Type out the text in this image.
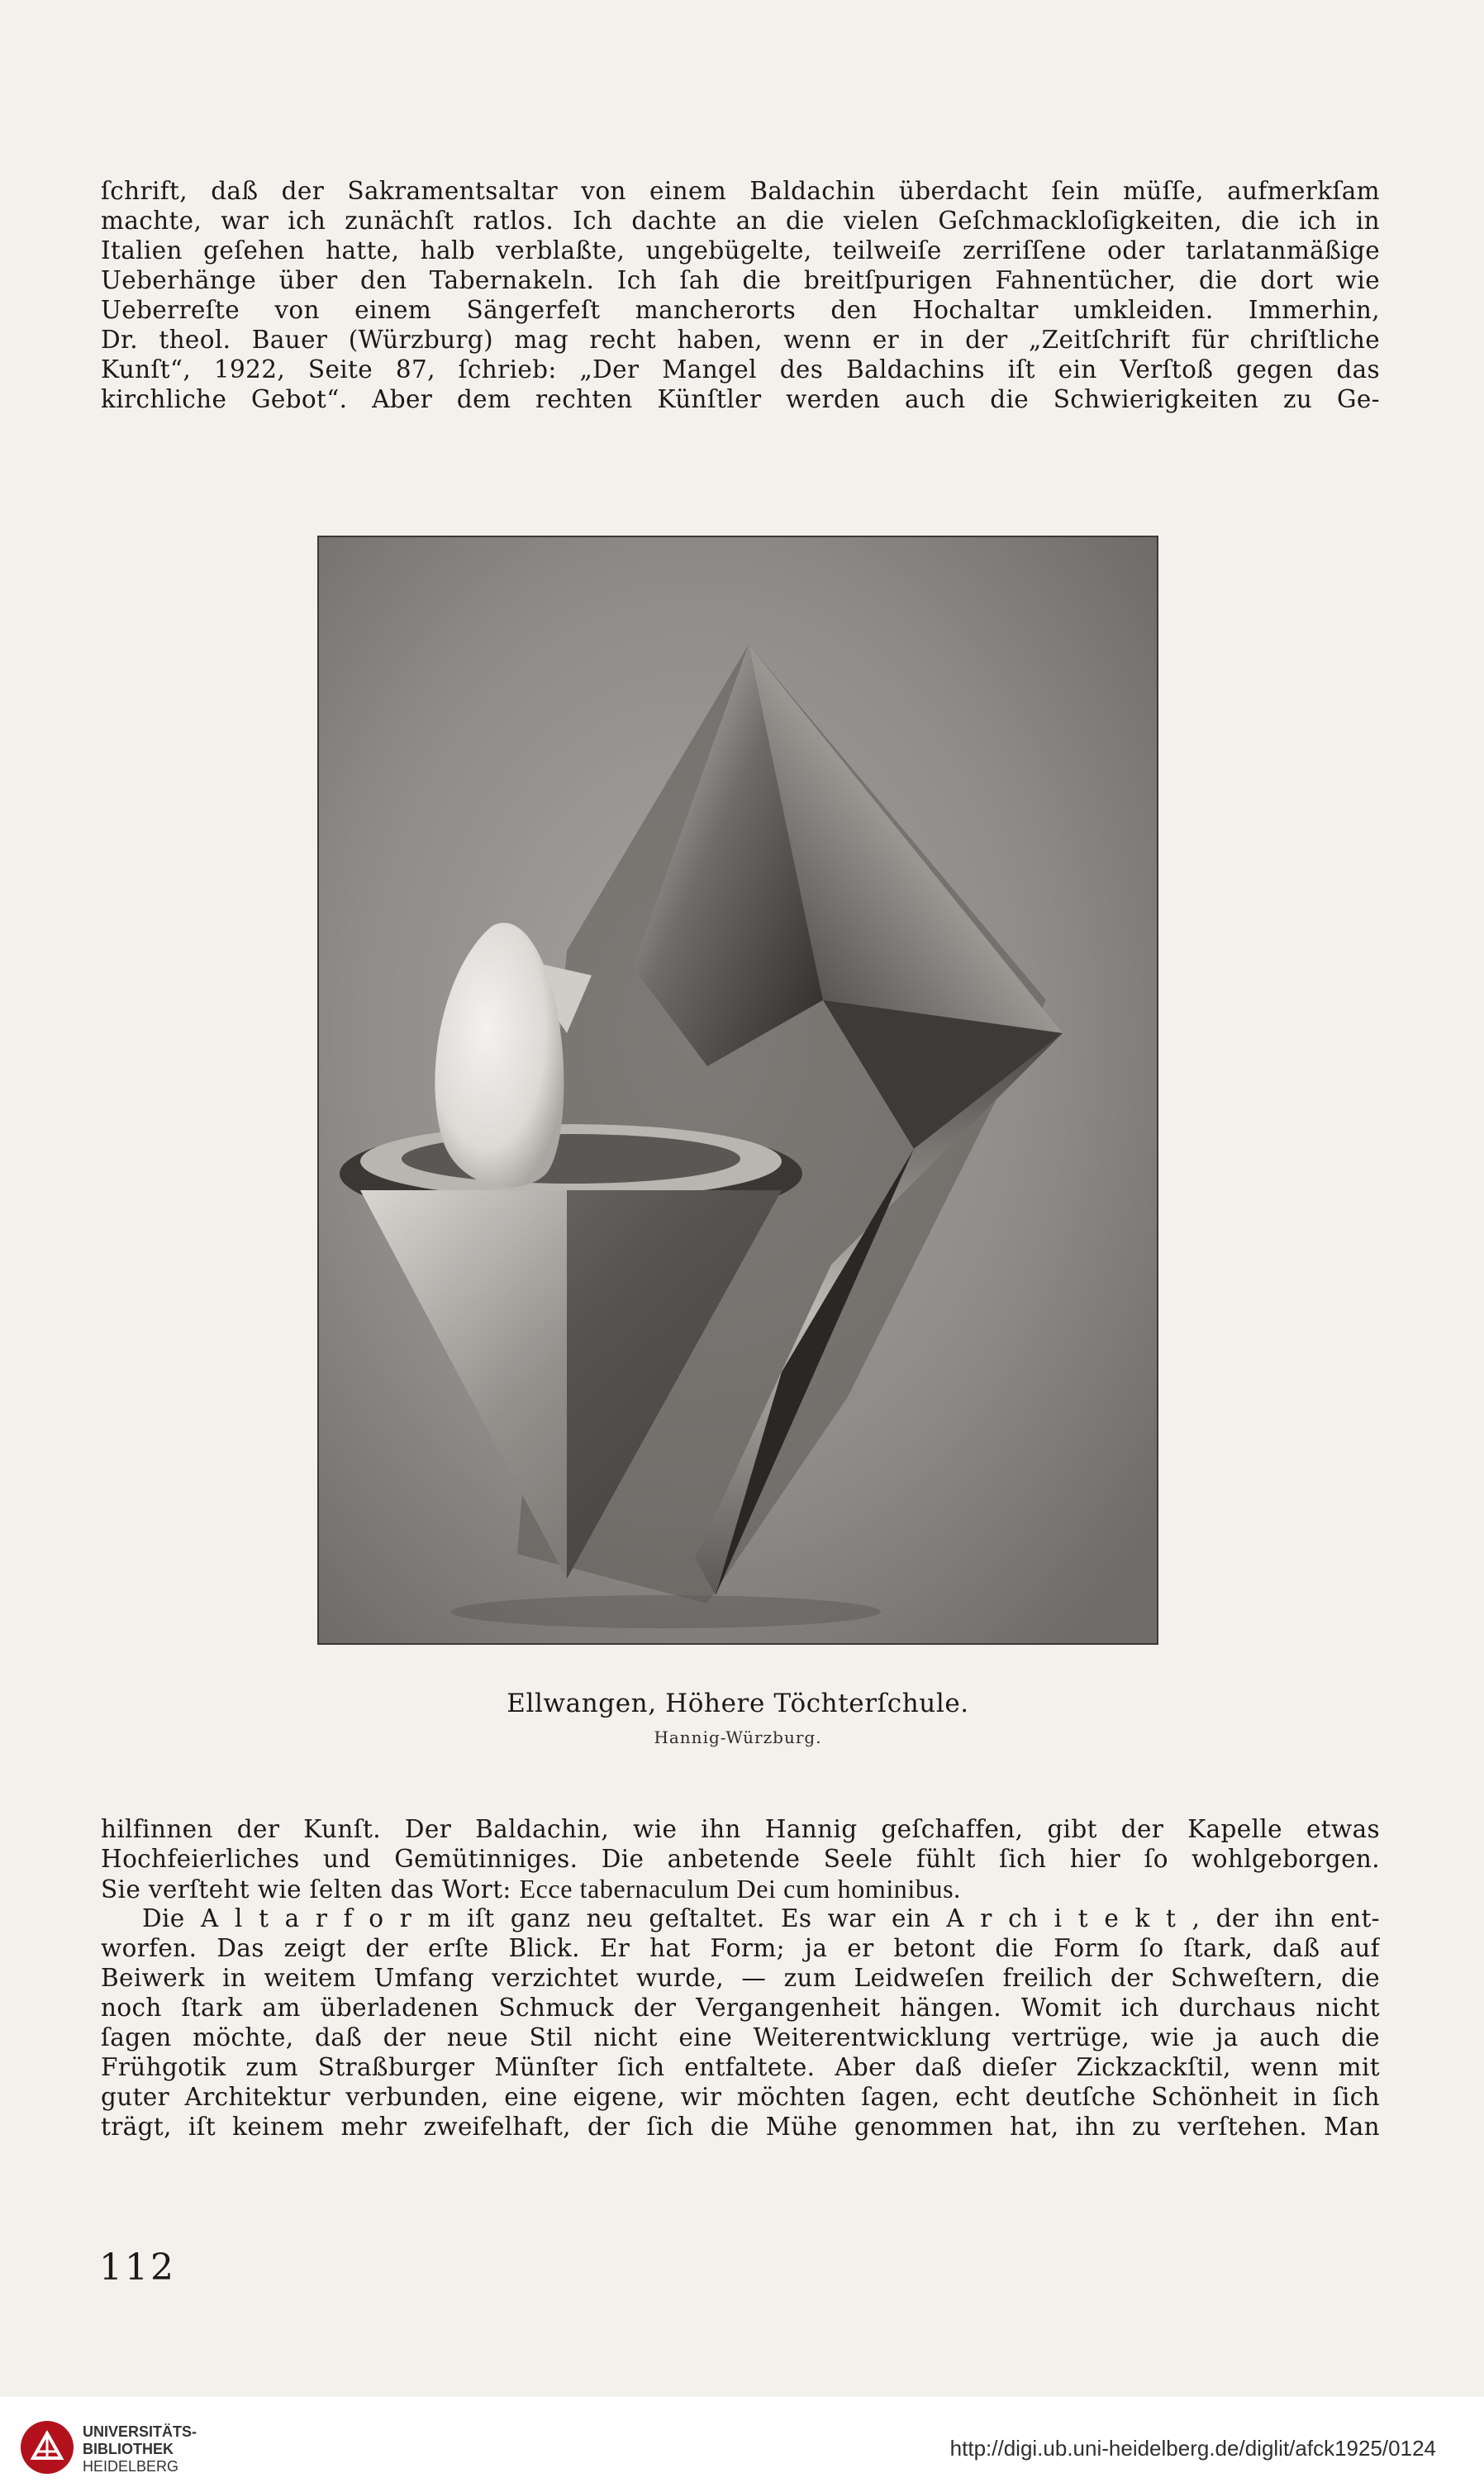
ſchrift, daß der Sakramentsaltar von einem Baldachin überdacht ſein müſſe, aufmerkſam
machte, war ich zunächſt ratlos. Ich dachte an die vielen Geſchmackloſigkeiten, die ich in
Italien geſehen hatte, halb verblaßte, ungebügelte, teilweiſe zerriſſene oder tarlatanmäßige
Ueberhänge über den Tabernakeln. Ich ſah die breitſpurigen Fahnentücher, die dort wie
Ueberreſte von einem Sängerfeſt mancherorts den Hochaltar umkleiden. Immerhin,
Dr. theol. Bauer (Würzburg) mag recht haben, wenn er in der „Zeitſchrift für chriſtliche
Kunſt“, 1922, Seite 87, ſchrieb: „Der Mangel des Baldachins iſt ein Verſtoß gegen das
kirchliche Gebot“. Aber dem rechten Künſtler werden auch die Schwierigkeiten zu Ge-
Ellwangen, Höhere Töchterſchule.
Hannig-Würzburg.
hilfinnen der Kunſt. Der Baldachin, wie ihn Hannig geſchaffen, gibt der Kapelle etwas
Hochfeierliches und Gemütinniges. Die anbetende Seele fühlt ſich hier ſo wohlgeborgen.
Sie verſteht wie ſelten das Wort: Ecce tabernaculum Dei cum hominibus.
Die A l t a r f o r m iſt ganz neu geſtaltet. Es war ein A r ch i t e k t , der ihn ent-
worfen. Das zeigt der erſte Blick. Er hat Form; ja er betont die Form ſo ſtark, daß auf
Beiwerk in weitem Umfang verzichtet wurde, — zum Leidweſen freilich der Schweſtern, die
noch ſtark am überladenen Schmuck der Vergangenheit hängen. Womit ich durchaus nicht
ſagen möchte, daß der neue Stil nicht eine Weiterentwicklung vertrüge, wie ja auch die
Frühgotik zum Straßburger Münſter ſich entfaltete. Aber daß dieſer Zickzackſtil, wenn mit
guter Architektur verbunden, eine eigene, wir möchten ſagen, echt deutſche Schönheit in ſich
trägt, iſt keinem mehr zweifelhaft, der ſich die Mühe genommen hat, ihn zu verſtehen. Man
112
UNIVERSITÄTS-
BIBLIOTHEK
HEIDELBERG
http://digi.ub.uni-heidelberg.de/diglit/afck1925/0124
